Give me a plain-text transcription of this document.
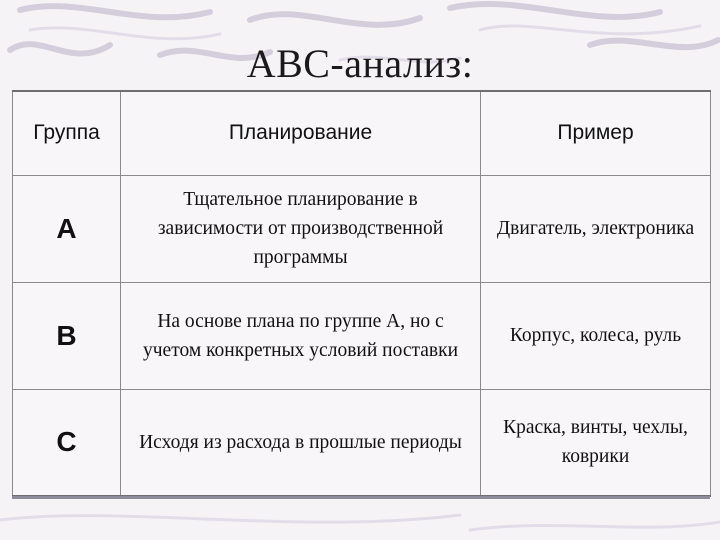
ABC-анализ:
Группа	Планирование	Пример
A	Тщательное планирование в зависимости от производственной программы	Двигатель, электроника
B	На основе плана по группе А, но с учетом конкретных условий поставки	Корпус, колеса, руль
C	Исходя из расхода в прошлые периоды	Краска, винты, чехлы, коврики
